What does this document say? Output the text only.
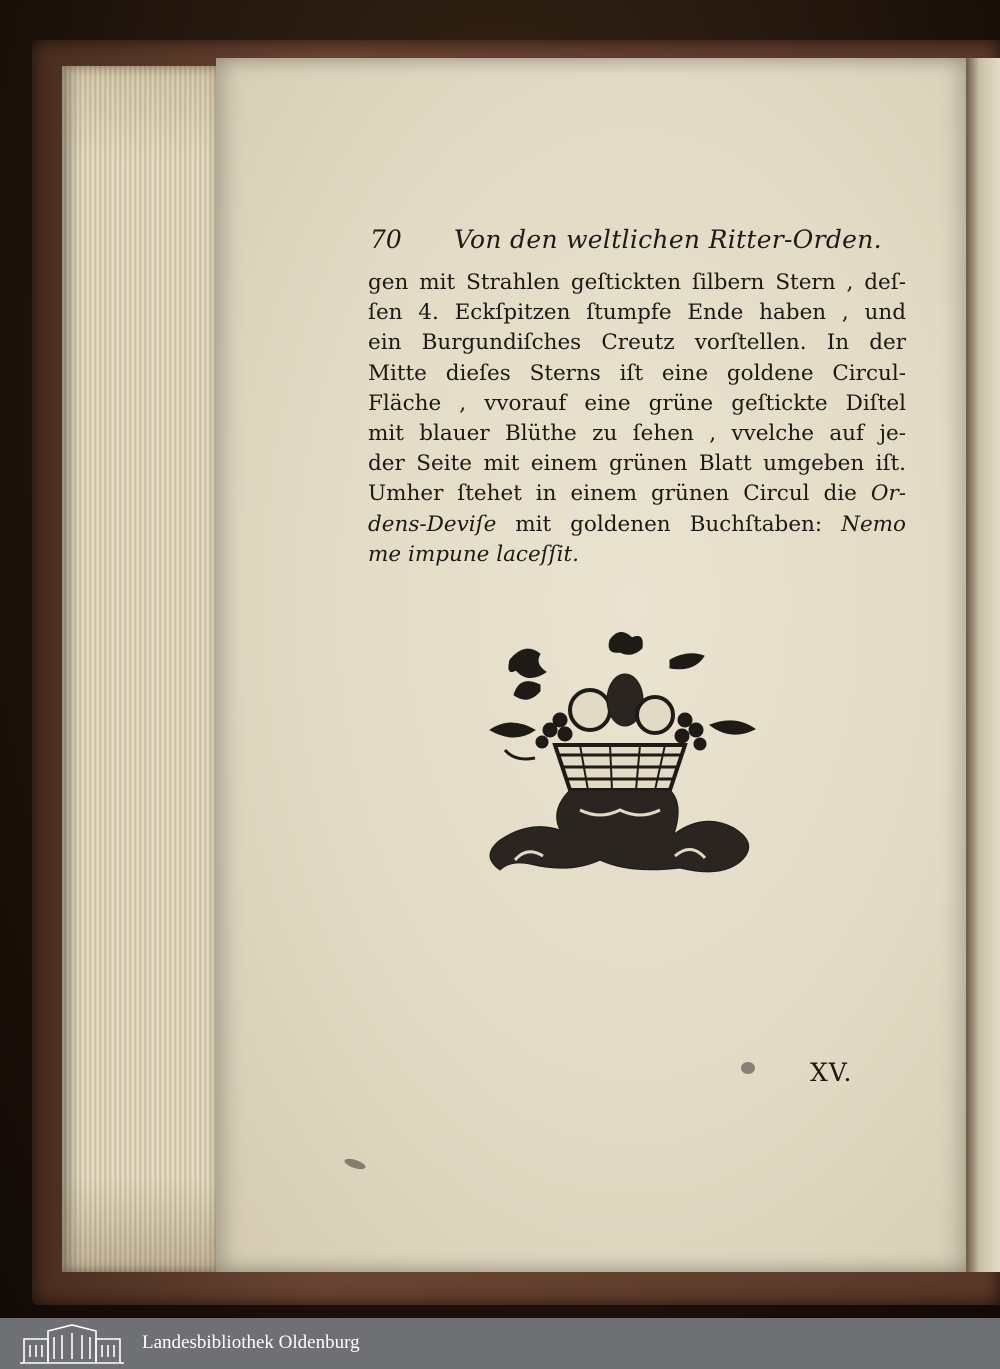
70 Von den weltlichen Ritter-Orden.
gen mit Strahlen geſtickten ſilbern Stern , deſ-
ſen 4. Eckſpitzen ſtumpfe Ende haben , und
ein Burgundiſches Creutz vorſtellen. In der
Mitte dieſes Sterns iſt eine goldene Circul-
Fläche , vvorauf eine grüne geſtickte Diſtel
mit blauer Blüthe zu ſehen , vvelche auf je-
der Seite mit einem grünen Blatt umgeben iſt.
Umher ſtehet in einem grünen Circul die Or-
dens-Deviſe mit goldenen Buchſtaben: Nemo
me impune laceſſit.
XV.
Landesbibliothek Oldenburg
